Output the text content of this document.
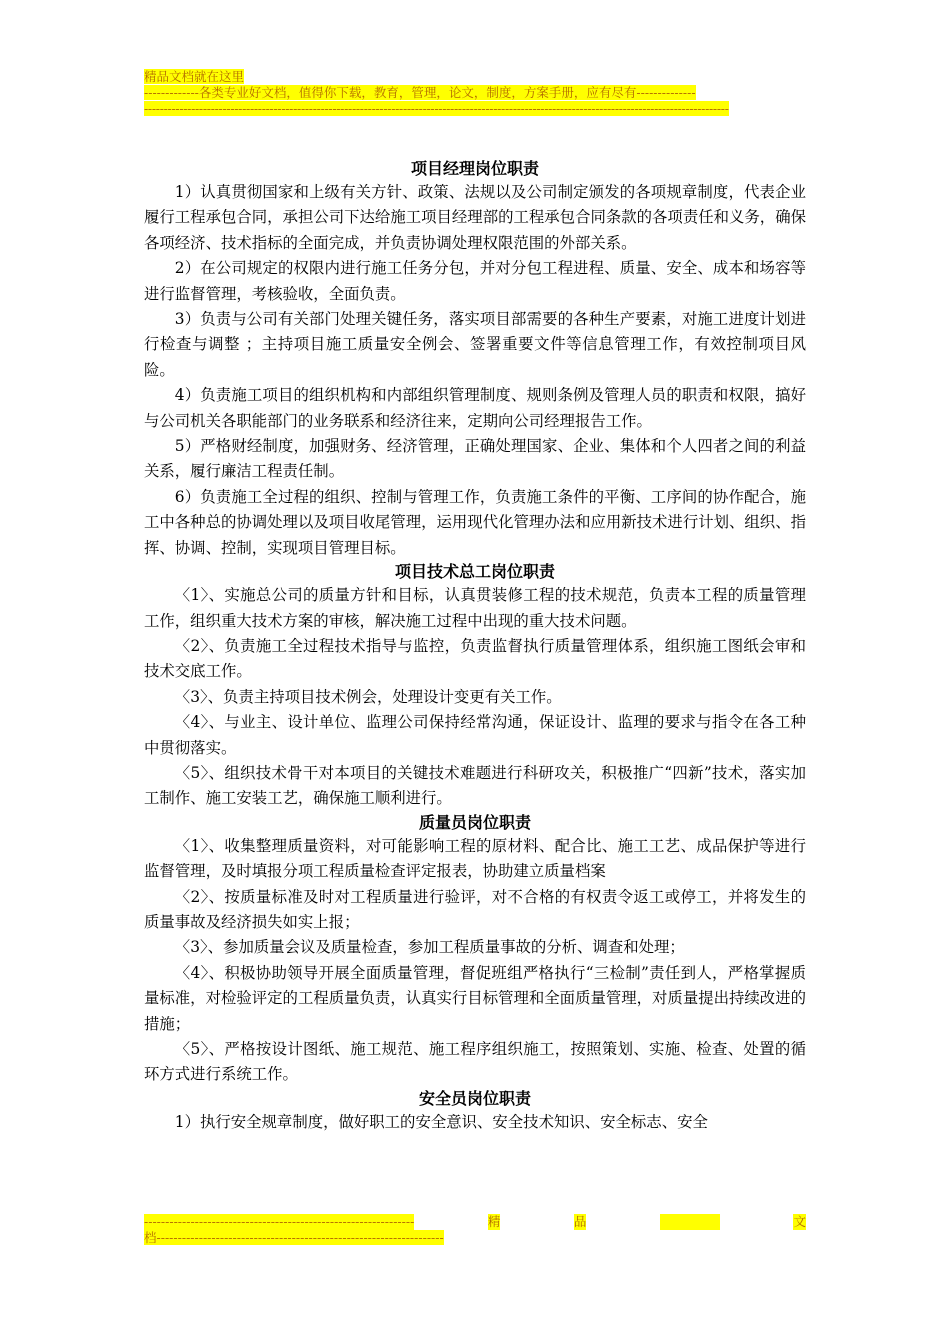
精品文档就在这里
-------------各类专业好文档，值得你下载，教育，管理，论文，制度，方案手册，应有尽有--------------
-----------------------------------------------------------------------------------------------------------------------------------------------------
项目经理岗位职责

1）认真贯彻国家和上级有关方针、政策、法规以及公司制定颁发的各项规章制度，代表企业履行工程承包合同，承担公司下达给施工项目经理部的工程承包合同条款的各项责任和义务，确保各项经济、技术指标的全面完成，并负责协调处理权限范围的外部关系。

2）在公司规定的权限内进行施工任务分包，并对分包工程进程、质量、安全、成本和场容等进行监督管理，考核验收，全面负责。

3）负责与公司有关部门处理关键任务，落实项目部需要的各种生产要素，对施工进度计划进行检查与调整 ；主持项目施工质量安全例会、签署重要文件等信息管理工作，有效控制项目风险。

4）负责施工项目的组织机构和内部组织管理制度、规则条例及管理人员的职责和权限，搞好与公司机关各职能部门的业务联系和经济往来，定期向公司经理报告工作。

5）严格财经制度，加强财务、经济管理，正确处理国家、企业、集体和个人四者之间的利益关系，履行廉洁工程责任制。

6）负责施工全过程的组织、控制与管理工作，负责施工条件的平衡、工序间的协作配合，施工中各种总的协调处理以及项目收尾管理，运用现代化管理办法和应用新技术进行计划、组织、指挥、协调、控制，实现项目管理目标。

项目技术总工岗位职责

〈1〉、实施总公司的质量方针和目标，认真贯装修工程的技术规范，负责本工程的质量管理工作，组织重大技术方案的审核，解决施工过程中出现的重大技术问题。

〈2〉、负责施工全过程技术指导与监控，负责监督执行质量管理体系，组织施工图纸会审和技术交底工作。

〈3〉、负责主持项目技术例会，处理设计变更有关工作。

〈4〉、与业主、设计单位、监理公司保持经常沟通，保证设计、监理的要求与指令在各工种中贯彻落实。

〈5〉、组织技术骨干对本项目的关键技术难题进行科研攻关，积极推广“四新”技术，落实加工制作、施工安装工艺，确保施工顺利进行。

质量员岗位职责

〈1〉、收集整理质量资料，对可能影响工程的原材料、配合比、施工工艺、成品保护等进行监督管理，及时填报分项工程质量检查评定报表，协助建立质量档案

〈2〉、按质量标准及时对工程质量进行验评，对不合格的有权责令返工或停工，并将发生的质量事故及经济损失如实上报；

〈3〉、参加质量会议及质量检查，参加工程质量事故的分析、调查和处理；

〈4〉、积极协助领导开展全面质量管理，督促班组严格执行“三检制”责任到人，严格掌握质量标准，对检验评定的工程质量负责，认真实行目标管理和全面质量管理，对质量提出持续改进的措施；

〈5〉、严格按设计图纸、施工规范、施工程序组织施工，按照策划、实施、检查、处置的循环方式进行系统工作。

安全员岗位职责

1）执行安全规章制度，做好职工的安全意识、安全技术知识、安全标志、安全

----------------------------------------------------------------	精	品	文
档--------------------------------------------------------------------
